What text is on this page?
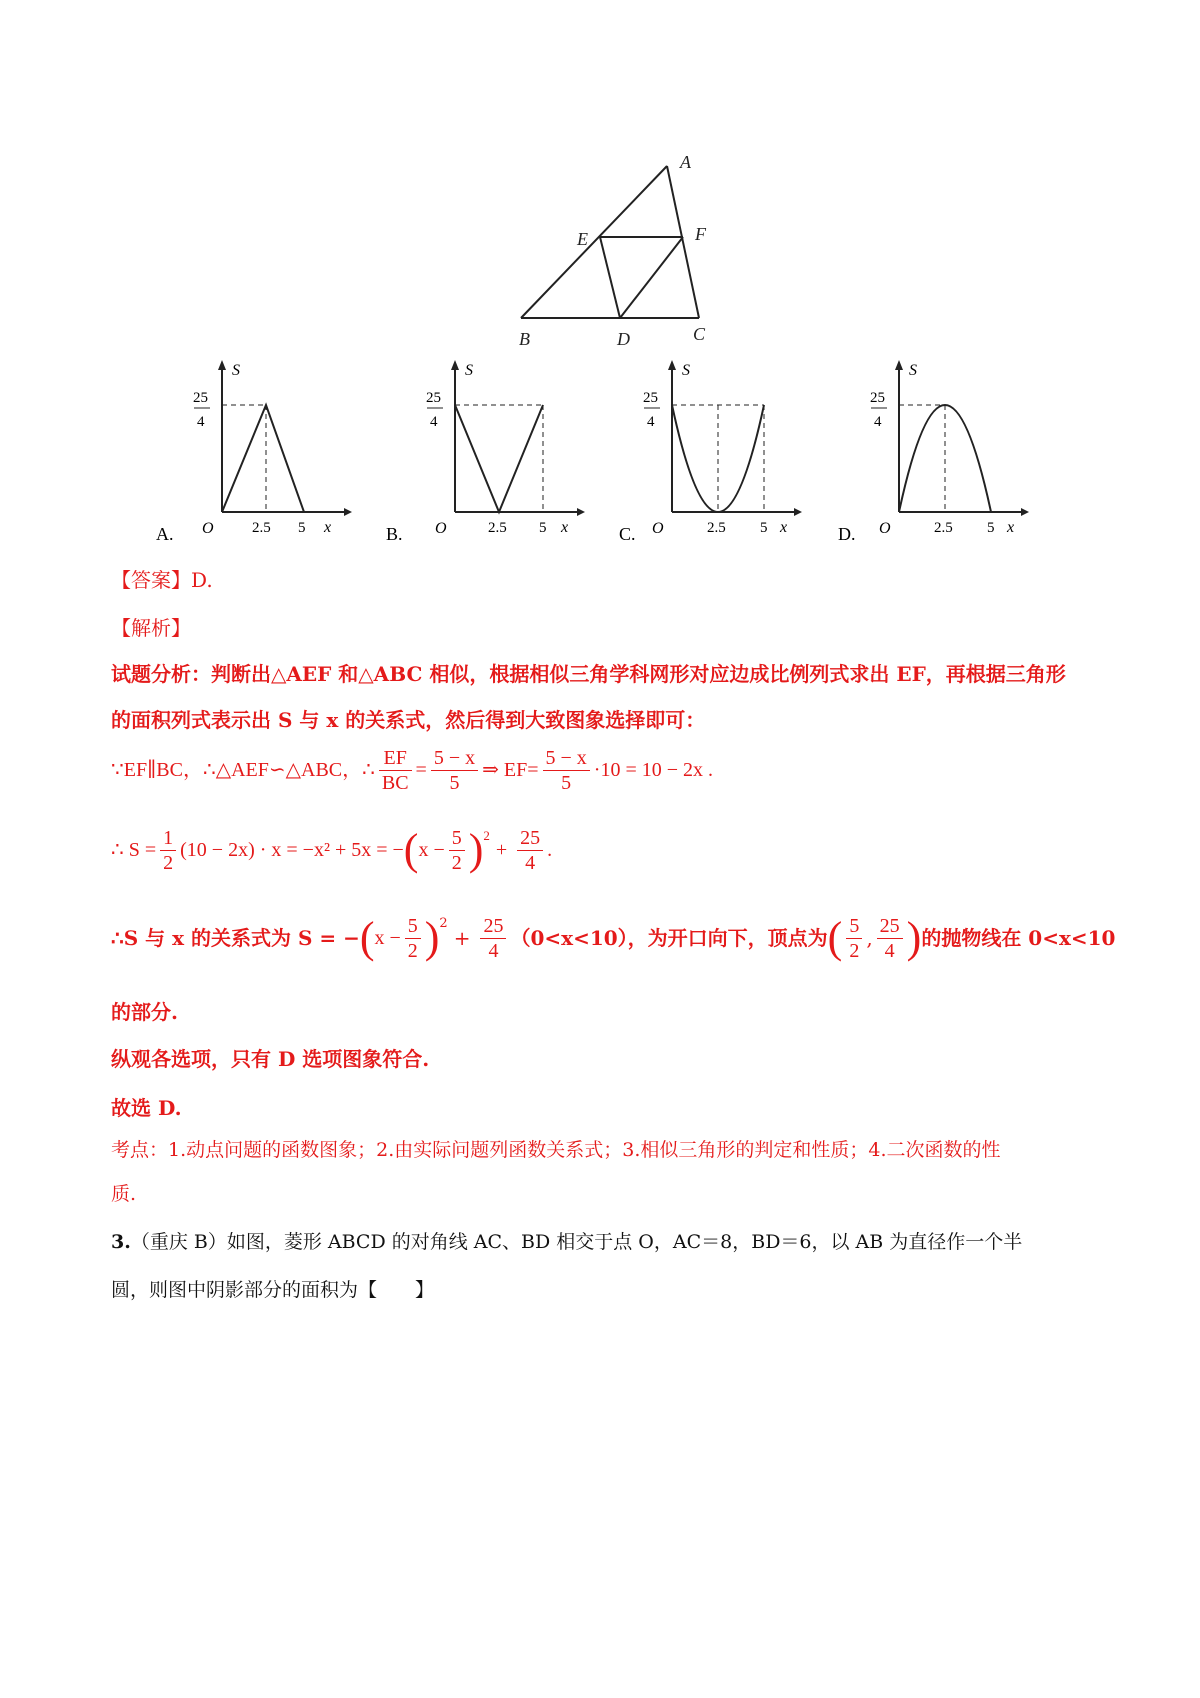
A
E	F
B	D	C
S
25
4
O	2.5 5 x
A.
S
25
4
O	2.5 5 x
B.
S
25
4
O	2.5 5 x
C.
S
25
4
O	2.5 5 x
D.
【答案】D.
【解析】
试题分析：判断出△AEF 和△ABC 相似，根据相似三角学科网形对应边成比例列式求出 EF，再根据三角形
的面积列式表示出 S 与 x 的关系式，然后得到大致图象选择即可：
∵EF∥BC，∴△AEF∽△ABC，∴ $\frac{EF}{BC} = \frac{5 - x}{5}$ ⇒ $EF= \frac{5 - x}{5} \cdot 10 = 10 - 2x$ .
∴ $S = \frac{1}{2} (10 - 2x) \cdot x = -x^2 + 5x$ = − ( $x - \frac{5}{2} )^2$
+ $\frac{25}{4}$ .
∴S 与 x 的关系式为 S = − ( $x - \frac{5}{2} )^2$
+ $\frac{25}{4} (0<x<10)$，为开口向下，顶点为 ( $\frac{5}{2}$ , $\frac{25}{4}$ ) 的抛物线在 0<x<10
的部分.
纵观各选项，只有 D 选项图象符合.
故选 D.
考点：1.动点问题的函数图象；2.由实际问题列函数关系式；3.相似三角形的判定和性质；4.二次函数的性
质.
3.（重庆 B）如图，菱形 ABCD 的对角线 AC、BD 相交于点 O，AC＝8，BD＝6，以 AB 为直径作一个半
圆，则图中阴影部分的面积为【　　】
